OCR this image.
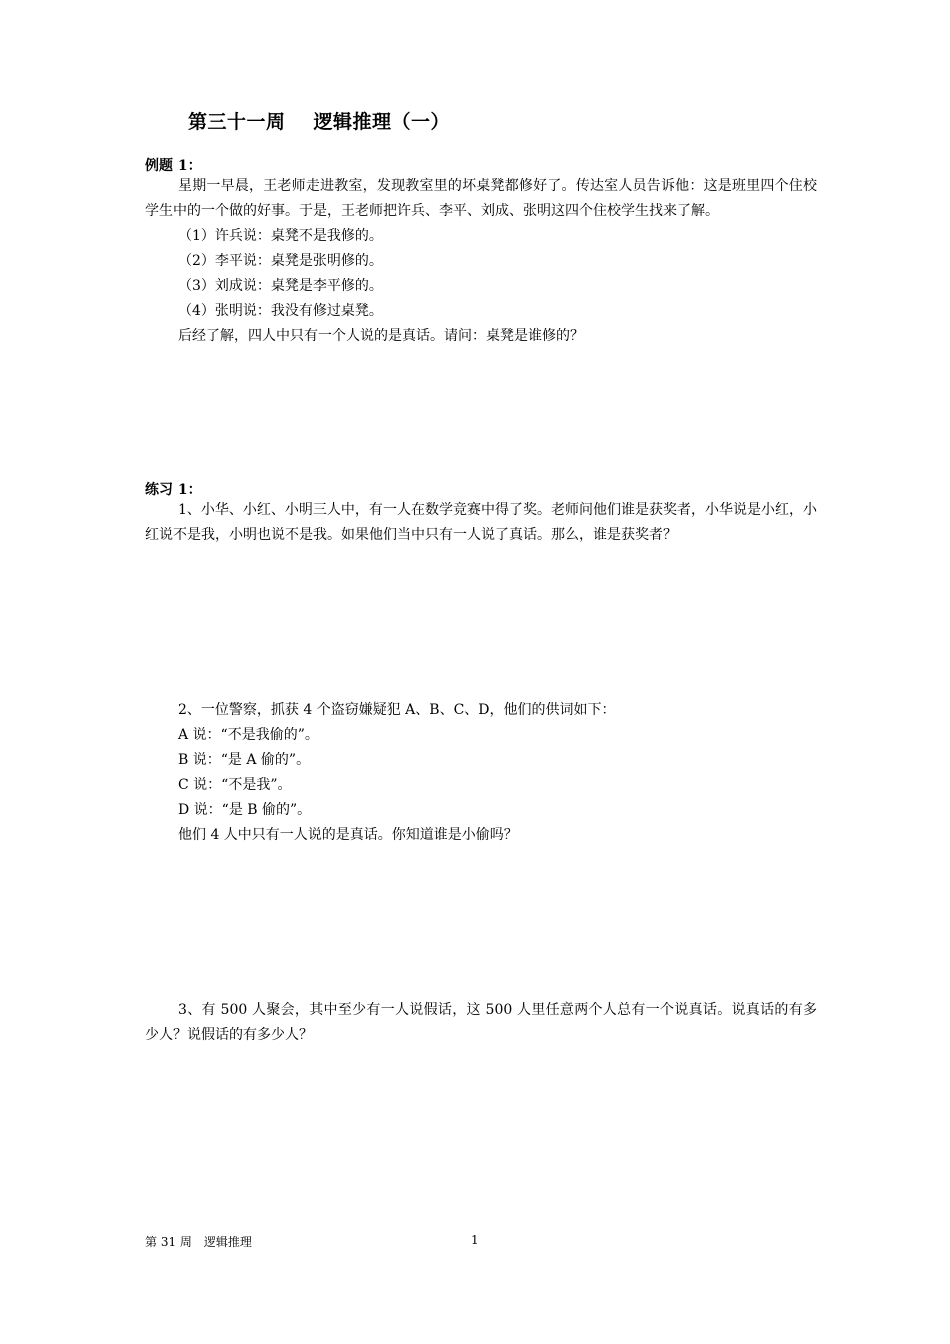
第三十一周 逻辑推理（一）
例题 1：

星期一早晨，王老师走进教室，发现教室里的坏桌凳都修好了。传达室人员告诉他：这是班里四个住校学生中的一个做的好事。于是，王老师把许兵、李平、刘成、张明这四个住校学生找来了解。

（1）许兵说：桌凳不是我修的。

（2）李平说：桌凳是张明修的。

（3）刘成说：桌凳是李平修的。

（4）张明说：我没有修过桌凳。

后经了解，四人中只有一个人说的是真话。请问：桌凳是谁修的？

练习 1：

1、小华、小红、小明三人中，有一人在数学竞赛中得了奖。老师问他们谁是获奖者，小华说是小红，小红说不是我，小明也说不是我。如果他们当中只有一人说了真话。那么，谁是获奖者？

2、一位警察，抓获 4 个盗窃嫌疑犯 A、B、C、D，他们的供词如下：

A 说：“不是我偷的”。

B 说：“是 A 偷的”。

C 说：“不是我”。

D 说：“是 B 偷的”。

他们 4 人中只有一人说的是真话。你知道谁是小偷吗？

3、有 500 人聚会，其中至少有一人说假话，这 500 人里任意两个人总有一个说真话。说真话的有多少人？说假话的有多少人？

第 31 周　逻辑推理	1
